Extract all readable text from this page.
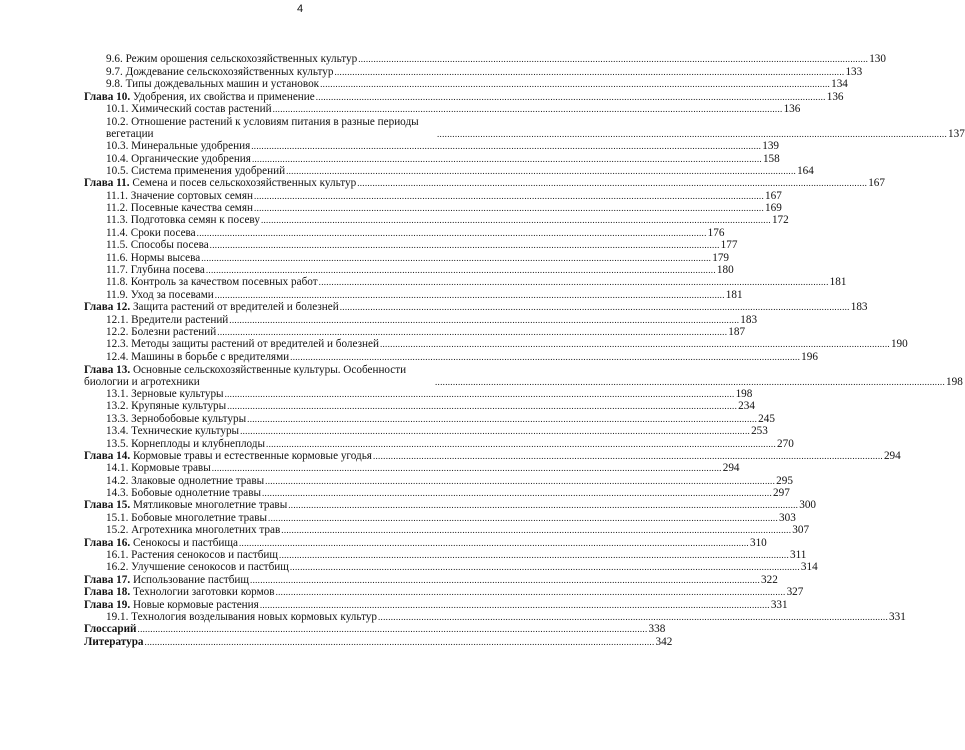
4
9.6. Режим орошения сельскохозяйственных культур ........................................................................................................................................................................................................ 130
9.7. Дождевание сельскохозяйственных культур ........................................................................................................................................................................................................ 133
9.8. Типы дождевальных машин и установок ........................................................................................................................................................................................................ 134
Глава 10. Удобрения, их свойства и применение ........................................................................................................................................................................................................ 136
10.1. Химический состав растений ........................................................................................................................................................................................................ 136
10.2. Отношение растений к условиям питания в разные периоды вегетации	........................................................................................................................................................................................................ 137
10.3. Минеральные удобрения ........................................................................................................................................................................................................ 139
10.4. Органические удобрения ........................................................................................................................................................................................................ 158
10.5. Система применения удобрений ........................................................................................................................................................................................................ 164
Глава 11. Семена и посев сельскохозяйственных культур ........................................................................................................................................................................................................ 167
11.1. Значение сортовых семян ........................................................................................................................................................................................................ 167
11.2. Посевные качества семян ........................................................................................................................................................................................................ 169
11.3. Подготовка семян к посеву ........................................................................................................................................................................................................ 172
11.4. Сроки посева ........................................................................................................................................................................................................ 176
11.5. Способы посева ........................................................................................................................................................................................................ 177
11.6. Нормы высева ........................................................................................................................................................................................................ 179
11.7. Глубина посева ........................................................................................................................................................................................................ 180
11.8. Контроль за качеством посевных работ ........................................................................................................................................................................................................ 181
11.9. Уход за посевами ........................................................................................................................................................................................................ 181
Глава 12. Защита растений от вредителей и болезней ........................................................................................................................................................................................................ 183
12.1. Вредители растений ........................................................................................................................................................................................................ 183
12.2. Болезни растений ........................................................................................................................................................................................................ 187
12.3. Методы защиты растений от вредителей и болезней ........................................................................................................................................................................................................ 190
12.4. Машины в борьбе с вредителями ........................................................................................................................................................................................................ 196
Глава 13. Основные сельскохозяйственные культуры. Особенности биологии и агротехники	........................................................................................................................................................................................................ 198
13.1. Зерновые культуры ........................................................................................................................................................................................................ 198
13.2. Крупяные культуры ........................................................................................................................................................................................................ 234
13.3. Зернобобовые культуры ........................................................................................................................................................................................................ 245
13.4. Технические культуры ........................................................................................................................................................................................................ 253
13.5. Корнеплоды и клубнеплоды ........................................................................................................................................................................................................ 270
Глава 14. Кормовые травы и естественные кормовые угодья ........................................................................................................................................................................................................ 294
14.1. Кормовые травы ........................................................................................................................................................................................................ 294
14.2. Злаковые однолетние травы ........................................................................................................................................................................................................ 295
14.3. Бобовые однолетние травы ........................................................................................................................................................................................................ 297
Глава 15. Мятликовые многолетние травы ........................................................................................................................................................................................................ 300
15.1. Бобовые многолетние травы ........................................................................................................................................................................................................ 303
15.2. Агротехника многолетних трав ........................................................................................................................................................................................................ 307
Глава 16. Сенокосы и пастбища ........................................................................................................................................................................................................ 310
16.1. Растения сенокосов и пастбищ ........................................................................................................................................................................................................ 311
16.2. Улучшение сенокосов и пастбищ ........................................................................................................................................................................................................ 314
Глава 17. Использование пастбищ ........................................................................................................................................................................................................ 322
Глава 18. Технологии заготовки кормов ........................................................................................................................................................................................................ 327
Глава 19. Новые кормовые растения ........................................................................................................................................................................................................ 331
19.1. Технология возделывания новых кормовых культур ........................................................................................................................................................................................................ 331
Глоссарий ........................................................................................................................................................................................................ 338
Литература ........................................................................................................................................................................................................ 342
